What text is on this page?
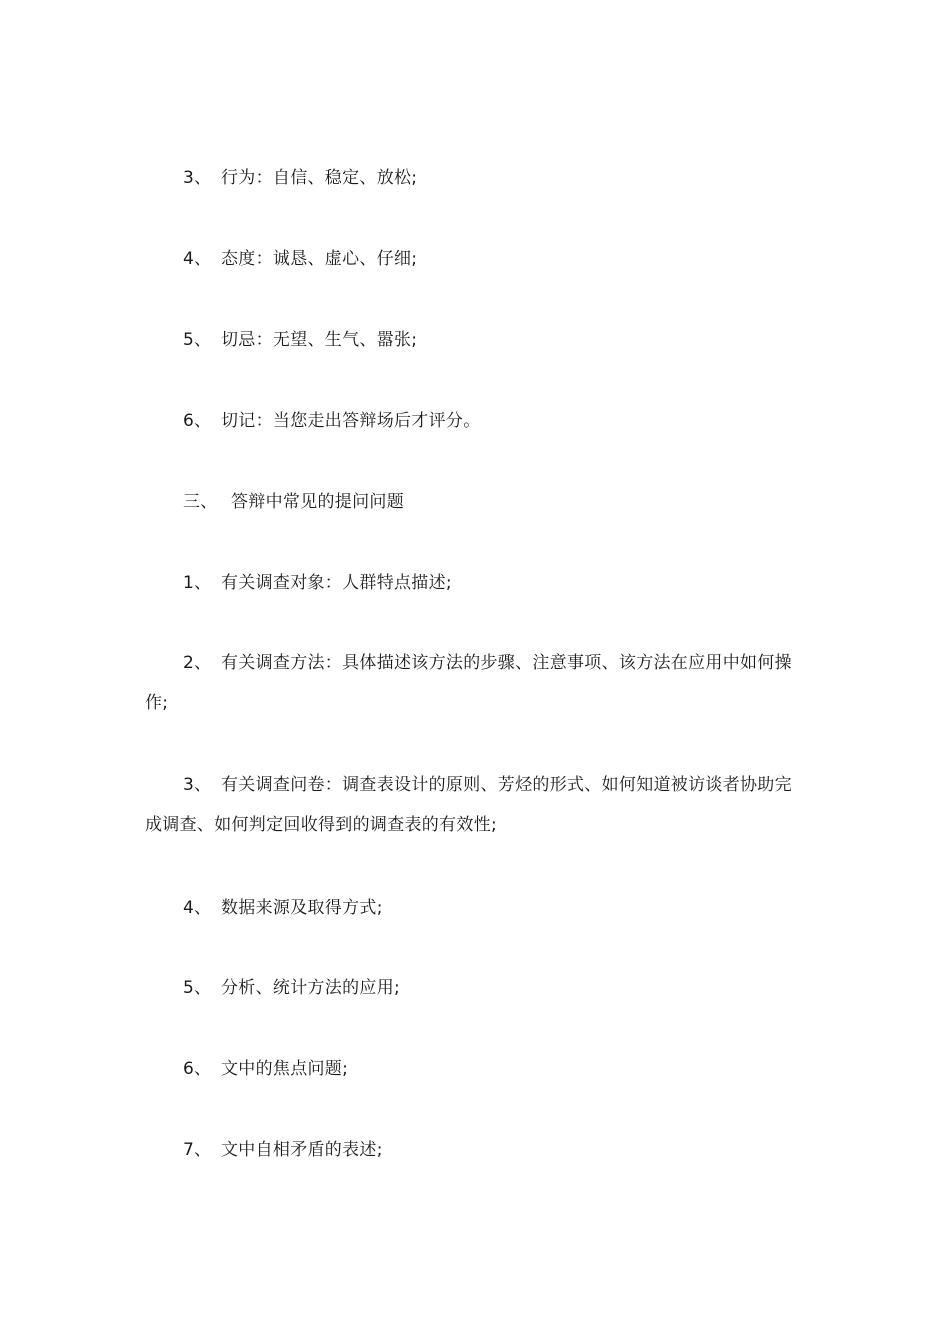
3、 行为：自信、稳定、放松;
4、 态度：诚恳、虚心、仔细;
5、 切忌：无望、生气、嚣张;
6、 切记：当您走出答辩场后才评分。
三、 答辩中常见的提问问题
1、 有关调查对象：人群特点描述;
2、 有关调查方法：具体描述该方法的步骤、注意事项、该方法在应用中如何操作;
3、 有关调查问卷：调查表设计的原则、芳烃的形式、如何知道被访谈者协助完成调查、如何判定回收得到的调查表的有效性;
4、 数据来源及取得方式;
5、 分析、统计方法的应用;
6、 文中的焦点问题;
7、 文中自相矛盾的表述;
